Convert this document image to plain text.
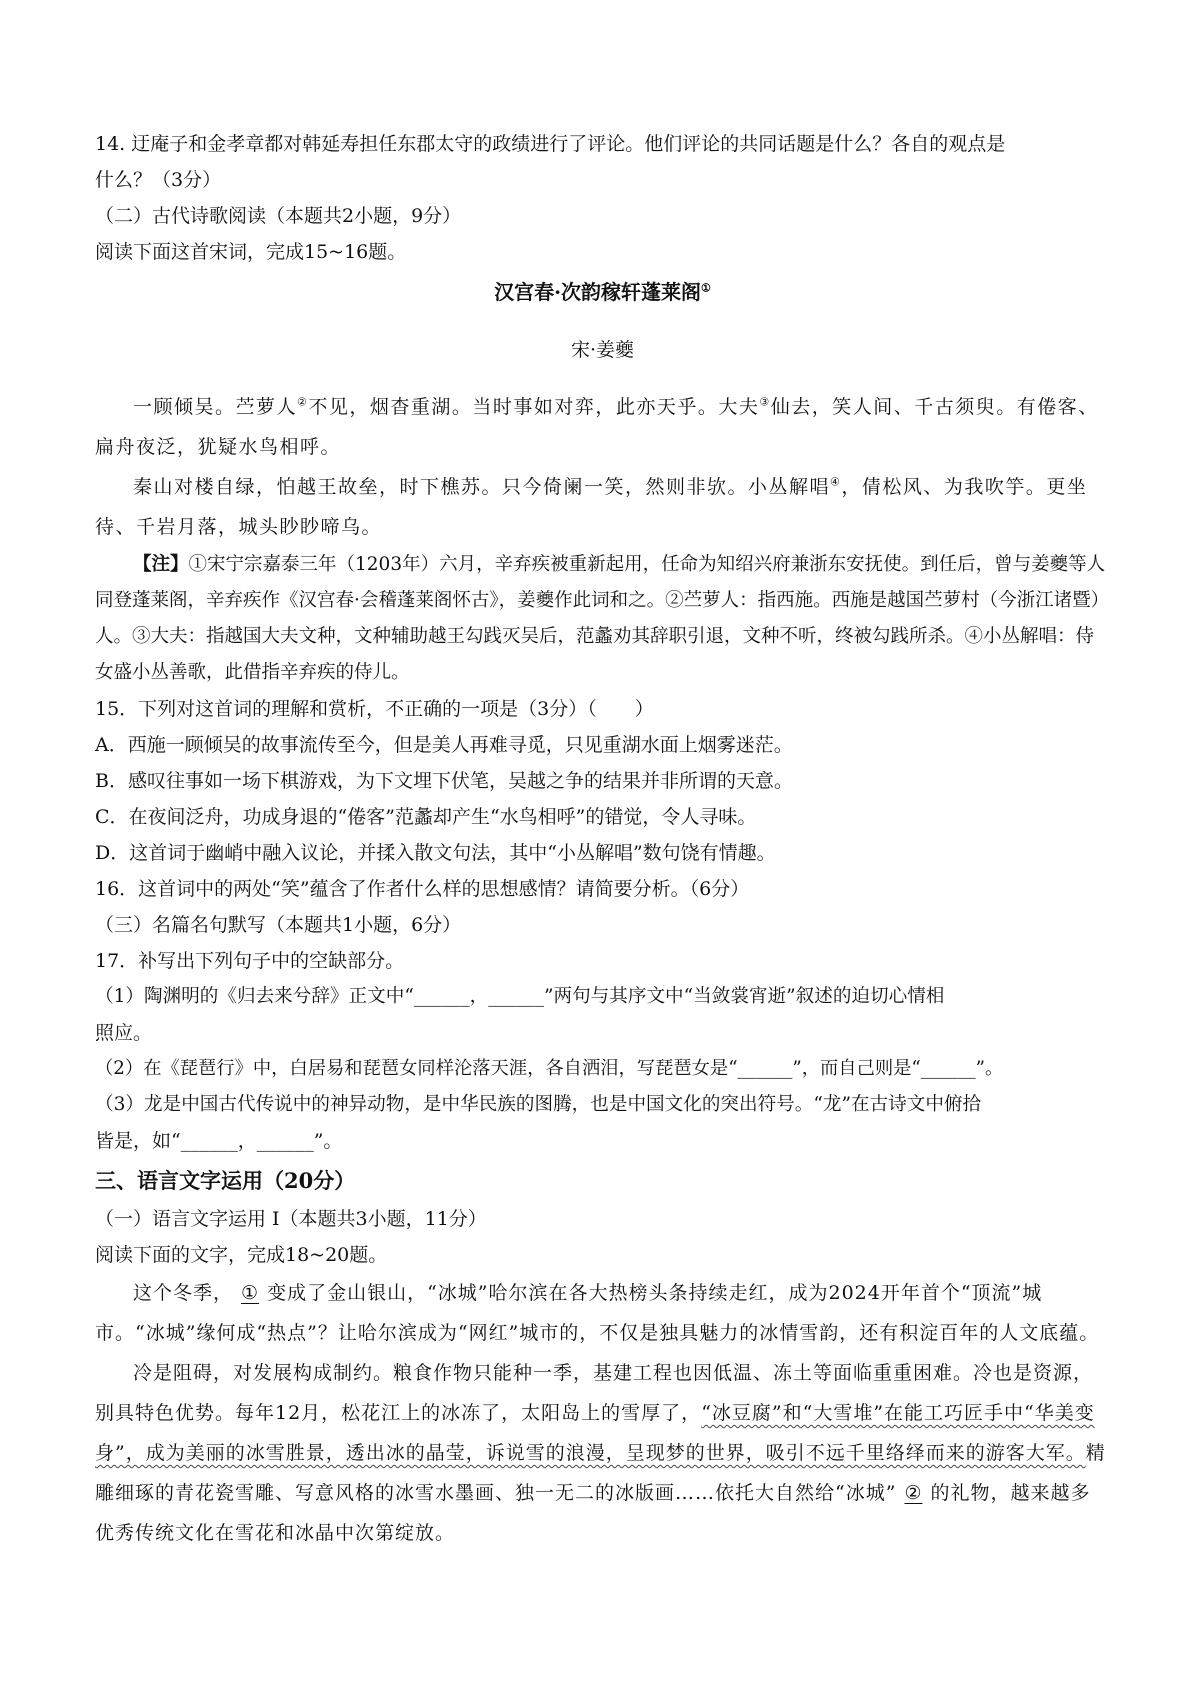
14. 迂庵子和金孝章都对韩延寿担任东郡太守的政绩进行了评论。他们评论的共同话题是什么？各自的观点是

什么？（3分）

（二）古代诗歌阅读（本题共2小题，9分）

阅读下面这首宋词，完成15~16题。

汉宫春·次韵稼轩蓬莱阁①

宋·姜夔

一顾倾吴。苎萝人②不见，烟杳重湖。当时事如对弈，此亦天乎。大夫③仙去，笑人间、千古须臾。有倦客、扁舟夜泛，犹疑水鸟相呼。

秦山对楼自绿，怕越王故垒，时下樵苏。只今倚阑一笑，然则非欤。小丛解唱④，倩松风、为我吹竽。更坐待、千岩月落，城头眇眇啼乌。

【注】①宋宁宗嘉泰三年（1203年）六月，辛弃疾被重新起用，任命为知绍兴府兼浙东安抚使。到任后，曾与姜夔等人同登蓬莱阁，辛弃疾作《汉宫春·会稽蓬莱阁怀古》，姜夔作此词和之。②苎萝人：指西施。西施是越国苎萝村（今浙江诸暨）人。③大夫：指越国大夫文种，文种辅助越王勾践灭吴后，范蠡劝其辞职引退，文种不听，终被勾践所杀。④小丛解唱：侍女盛小丛善歌，此借指辛弃疾的侍儿。

15．下列对这首词的理解和赏析，不正确的一项是（3分）（　　）

A．西施一顾倾吴的故事流传至今，但是美人再难寻觅，只见重湖水面上烟雾迷茫。

B．感叹往事如一场下棋游戏，为下文埋下伏笔，吴越之争的结果并非所谓的天意。

C．在夜间泛舟，功成身退的“倦客”范蠡却产生“水鸟相呼”的错觉，令人寻味。

D．这首词于幽峭中融入议论，并揉入散文句法，其中“小丛解唱”数句饶有情趣。

16．这首词中的两处“笑”蕴含了作者什么样的思想感情？请简要分析。（6分）

（三）名篇名句默写（本题共1小题，6分）

17．补写出下列句子中的空缺部分。

（1）陶渊明的《归去来兮辞》正文中“______，______”两句与其序文中“当敛裳宵逝”叙述的迫切心情相

照应。

（2）在《琵琶行》中，白居易和琵琶女同样沦落天涯，各自洒泪，写琵琶女是“______”，而自己则是“______”。

（3）龙是中国古代传说中的神异动物，是中华民族的图腾，也是中国文化的突出符号。“龙”在古诗文中俯拾

皆是，如“______，______”。

三、语言文字运用（20分）

（一）语言文字运用 I（本题共3小题，11分）

阅读下面的文字，完成18~20题。

这个冬季， ① 变成了金山银山，“冰城”哈尔滨在各大热榜头条持续走红，成为2024开年首个“顶流”城市。“冰城”缘何成“热点”？让哈尔滨成为“网红”城市的，不仅是独具魅力的冰情雪韵，还有积淀百年的人文底蕴。

冷是阻碍，对发展构成制约。粮食作物只能种一季，基建工程也因低温、冻土等面临重重困难。冷也是资源，别具特色优势。每年12月，松花江上的冰冻了，太阳岛上的雪厚了，“冰豆腐”和“大雪堆”在能工巧匠手中“华美变身”，成为美丽的冰雪胜景，透出冰的晶莹，诉说雪的浪漫，呈现梦的世界，吸引不远千里络绎而来的游客大军。精雕细琢的青花瓷雪雕、写意风格的冰雪水墨画、独一无二的冰版画……依托大自然给“冰城” ② 的礼物，越来越多优秀传统文化在雪花和冰晶中次第绽放。
